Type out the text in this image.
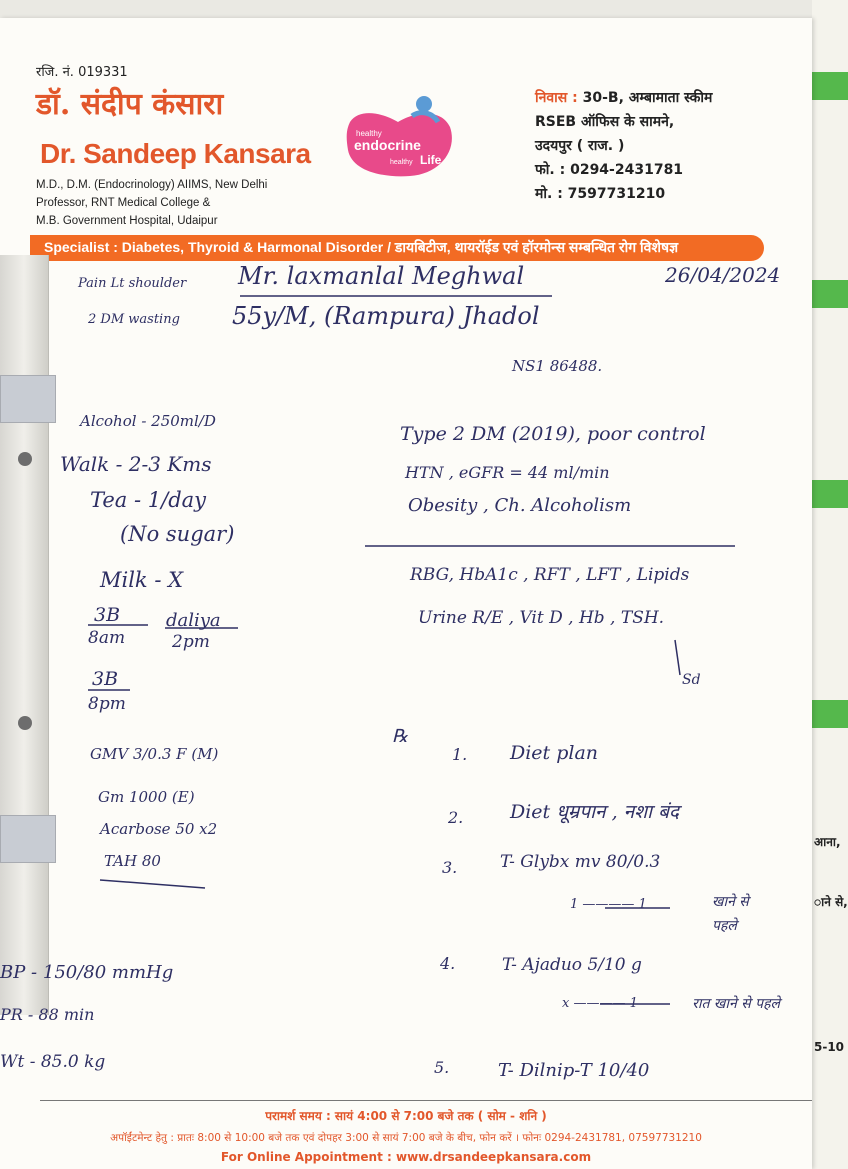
आना,
ाने से,
5-10
रजि. नं. 019331
डॉ. संदीप कंसारा
Dr. Sandeep Kansara
M.D., D.M. (Endocrinology) AIIMS, New Delhi
Professor, RNT Medical College &
M.B. Government Hospital, Udaipur
healthy
endocrine
healthy Life
निवास : 30-B, अम्बामाता स्कीम
RSEB ऑफिस के सामने,
उदयपुर ( राज. )
फो. : 0294-2431781
मो. : 7597731210
Specialist : Diabetes, Thyroid & Harmonal Disorder / डायबिटीज, थायरॉईड एवं हॉरमोन्स सम्बन्धित रोग विशेषज्ञ
Pain Lt shoulder
2 DM wasting
Mr. laxmanlal Meghwal	26/04/2024
55y/M, (Rampura) Jhadol
NS1 86488.
Alcohol - 250ml/D
Walk - 2-3 Kms
Tea - 1/day
(No sugar)
Milk - X
3B
8am
daliya
2pm
3B
8pm
Type 2 DM (2019), poor control
HTN , eGFR = 44 ml/min
Obesity , Ch. Alcoholism
RBG, HbA1c , RFT , LFT , Lipids
Urine R/E , Vit D , Hb , TSH.
Sd
℞
GMV 3/0.3 F (M)
Gm 1000 (E)
Acarbose 50 x2
TAH 80
1. Diet plan
2. Diet धूम्रपान , नशा बंद
3.	T- Glybx mv 80/0.3
1 ———— 1	खाने से पहले
4.	T- Ajaduo 5/10 g
x ———— 1	रात खाने से पहले
5.	T- Dilnip-T 10/40
BP - 150/80 mmHg
PR - 88 min
Wt - 85.0 kg
परामर्श समय : सायं 4:00 से 7:00 बजे तक ( सोम - शनि )
अपॉईंटमेन्ट हेतु : प्रातः 8:00 से 10:00 बजे तक एवं दोपहर 3:00 से सायं 7:00 बजे के बीच, फोन करें । फोनः 0294-2431781, 07597731210
For Online Appointment : www.drsandeepkansara.com
